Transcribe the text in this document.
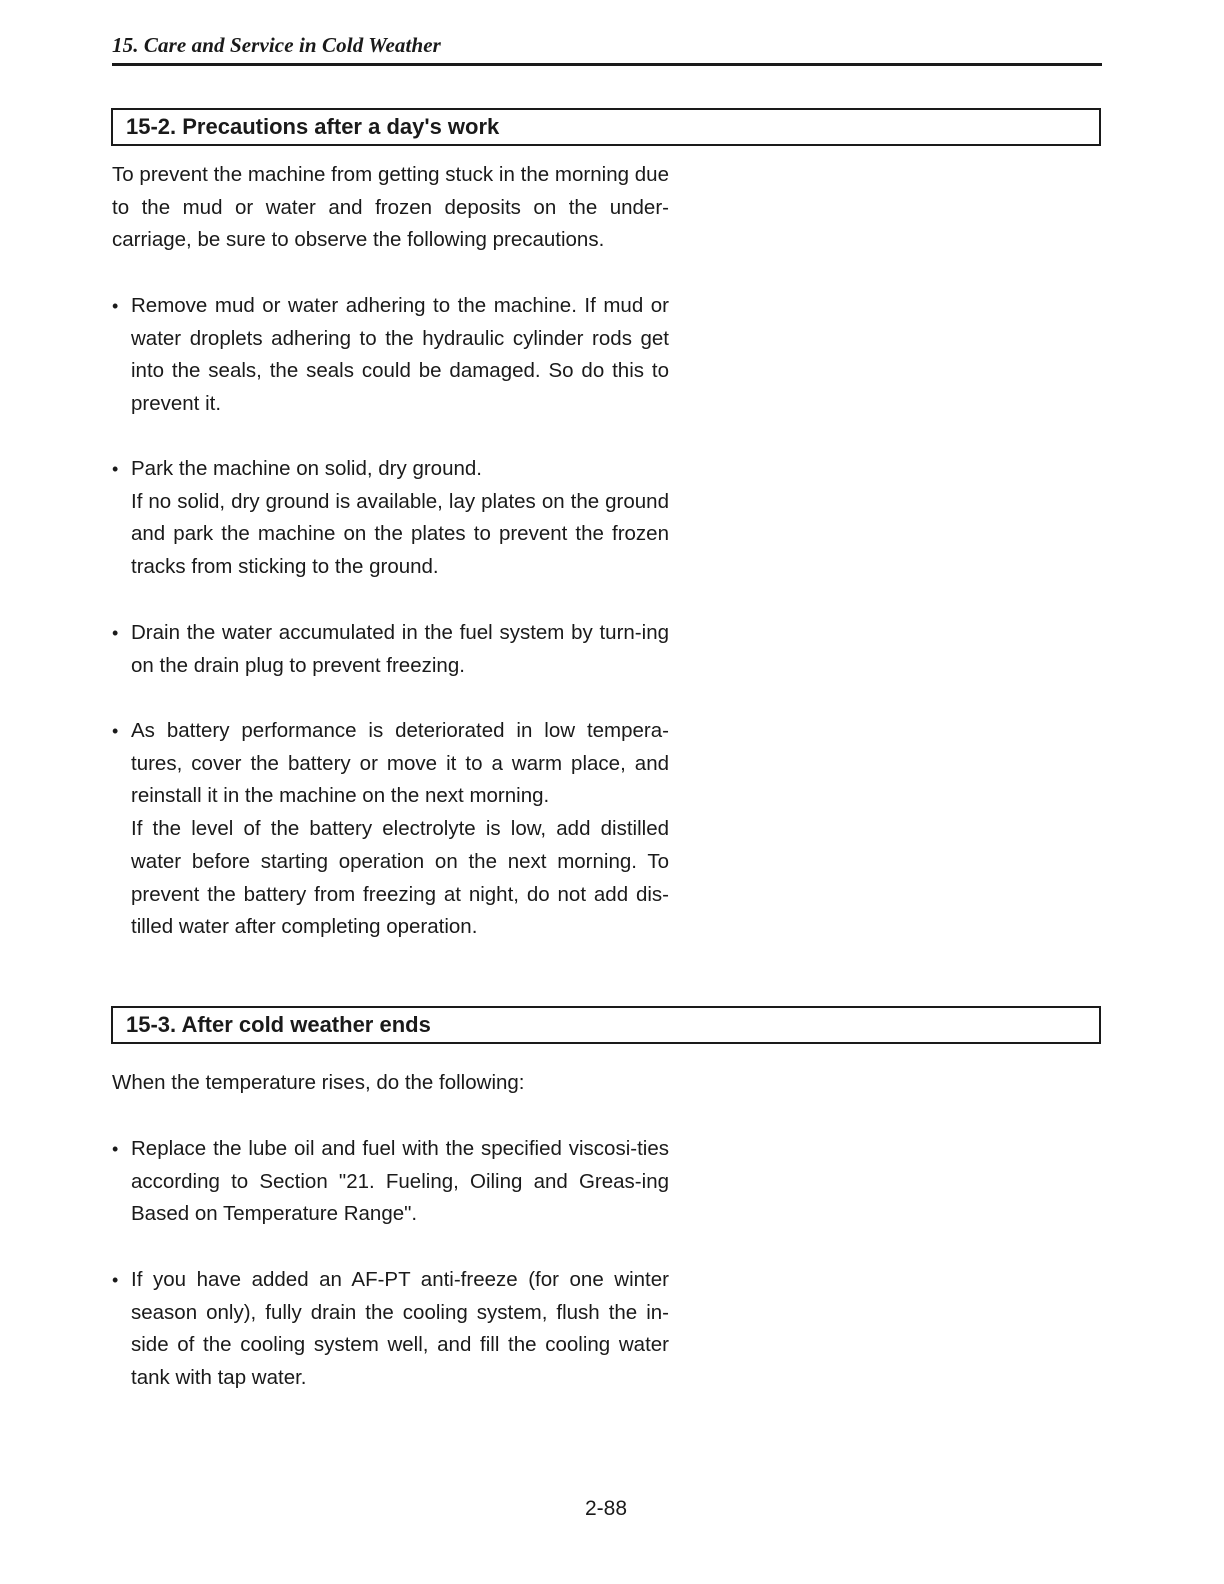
15. Care and Service in Cold Weather
15-2. Precautions after a day's work
To prevent the machine from getting stuck in the morning due to the mud or water and frozen deposits on the under-carriage, be sure to observe the following precautions.
• Remove mud or water adhering to the machine. If mud or water droplets adhering to the hydraulic cylinder rods get into the seals, the seals could be damaged. So do this to prevent it.

• Park the machine on solid, dry ground.

If no solid, dry ground is available, lay plates on the ground and park the machine on the plates to prevent the frozen tracks from sticking to the ground.

• Drain the water accumulated in the fuel system by turn-ing on the drain plug to prevent freezing.

• As battery performance is deteriorated in low tempera-tures, cover the battery or move it to a warm place, and reinstall it in the machine on the next morning.

If the level of the battery electrolyte is low, add distilled water before starting operation on the next morning. To prevent the battery from freezing at night, do not add dis-tilled water after completing operation.

15-3. After cold weather ends
When the temperature rises, do the following:
• Replace the lube oil and fuel with the specified viscosi-ties according to Section "21. Fueling, Oiling and Greas-ing Based on Temperature Range".

• If you have added an AF-PT anti-freeze (for one winter season only), fully drain the cooling system, flush the in-side of the cooling system well, and fill the cooling water tank with tap water.

2-88
